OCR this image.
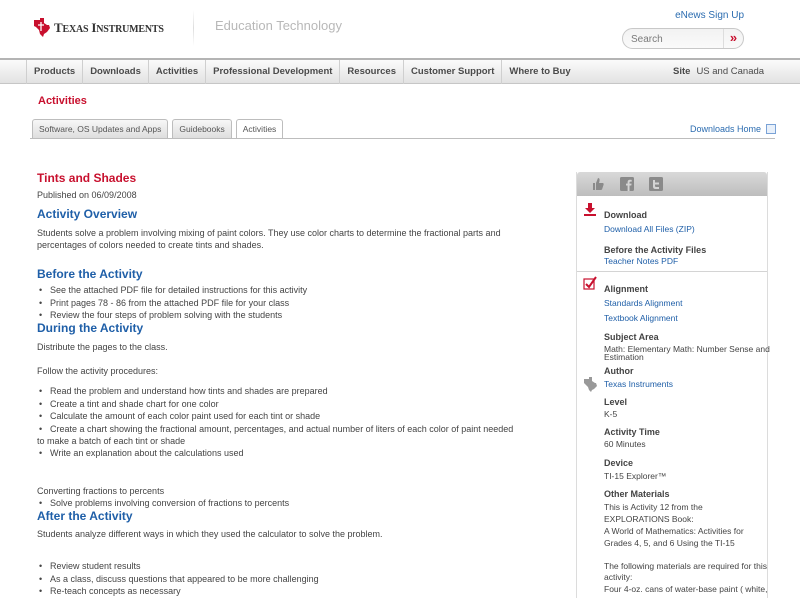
TEXAS INSTRUMENTS	Education Technology
eNews Sign Up
Search
»
Products	Downloads	Activities	Professional Development	Resources	Customer Support	Where to Buy	Site US and Canada
Activities
Software, OS Updates and Apps	Guidebooks	Activities	Downloads Home
Tints and Shades
Published on 06/09/2008
Activity Overview

Students solve a problem involving mixing of paint colors. They use color charts to determine the fractional parts and

percentages of colors needed to create tints and shades.

Before the Activity
• See the attached PDF file for detailed instructions for this activity
• Print pages 78 - 86 from the attached PDF file for your class
• Review the four steps of problem solving with the students
During the Activity

Distribute the pages to the class.

Follow the activity procedures:

• Read the problem and understand how tints and shades are prepared
• Create a tint and shade chart for one color
• Calculate the amount of each color paint used for each tint or shade
• Create a chart showing the fractional amount, percentages, and actual number of liters of each color of paint needed

to make a batch of each tint or shade

• Write an explanation about the calculations used

Converting fractions to percents

• Solve problems involving conversion of fractions to percents
After the Activity

Students analyze different ways in which they used the calculator to solve the problem.

• Review student results
• As a class, discuss questions that appeared to be more challenging
• Re-teach concepts as necessary
Download
Download All Files (ZIP)
Before the Activity Files
Teacher Notes PDF
Alignment
Standards Alignment
Textbook Alignment
Subject Area
Math: Elementary Math: Number Sense and
Estimation
Author
Texas Instruments
Level
K-5
Activity Time
60 Minutes
Device
TI-15 Explorer™
Other Materials
This is Activity 12 from the
EXPLORATIONS Book:
A World of Mathematics: Activities for
Grades 4, 5, and 6 Using the TI-15
The following materials are required for this
activity:
Four 4-oz. cans of water-base paint ( white,
